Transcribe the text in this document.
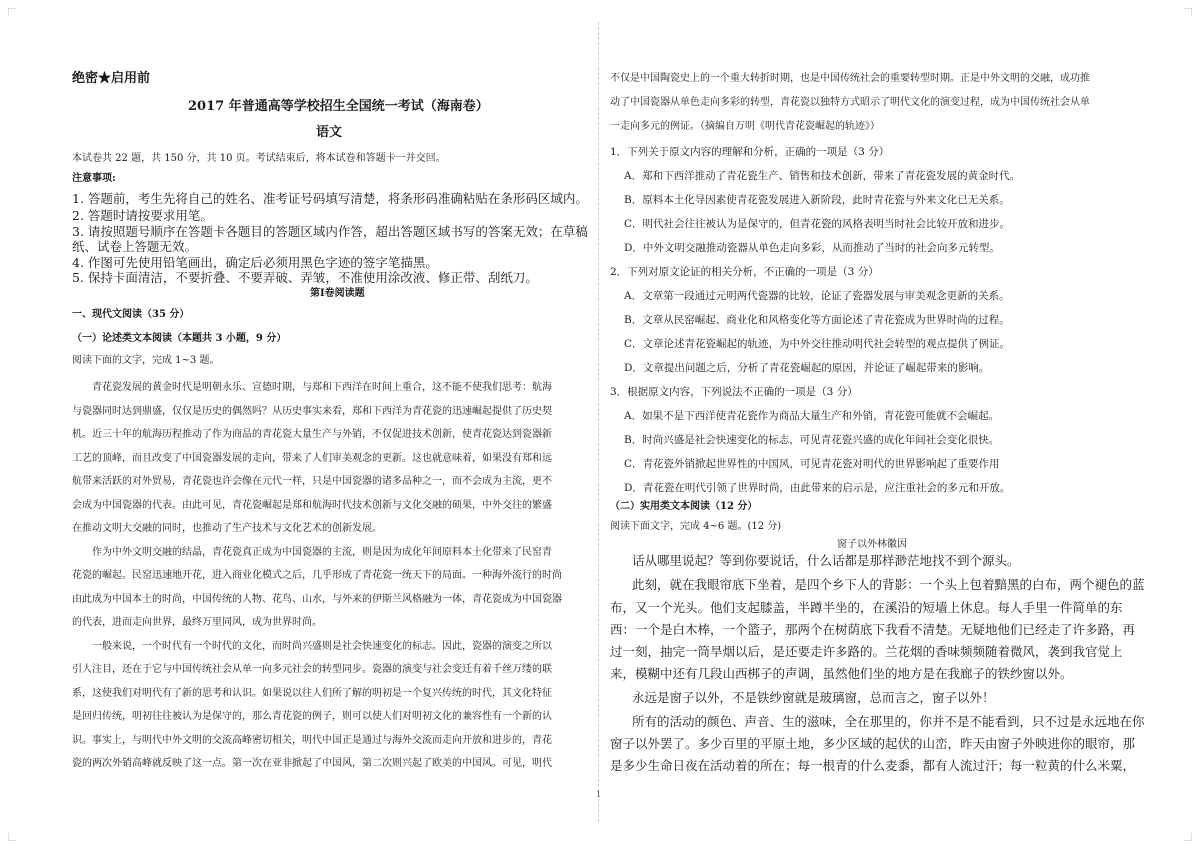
绝密★启用前
2017 年普通高等学校招生全国统一考试（海南卷）
语文
本试卷共 22 题，共 150 分，共 10 页。考试结束后，将本试卷和答题卡一并交回。
注意事项:
1. 答题前，考生先将自己的姓名、准考证号码填写清楚，将条形码准确粘贴在条形码区域内。
2. 答题时请按要求用笔。
3. 请按照题号顺序在答题卡各题目的答题区域内作答，超出答题区域书写的答案无效；在草稿
纸、试卷上答题无效。
4. 作图可先使用铅笔画出，确定后必须用黑色字迹的签字笔描黑。
5. 保持卡面清洁，不要折叠、不要弄破、弄皱，不准使用涂改液、修正带、刮纸刀。
第Ⅰ卷阅读题
一、现代文阅读（35 分）
（一）论述类文本阅读（本题共 3 小题，9 分）
阅读下面的文字，完成 1~3 题。
青花瓷发展的黄金时代是明朝永乐、宣德时期，与郑和下西洋在时间上重合，这不能不使我们思考：航海
与瓷器同时达到鼎盛，仅仅是历史的偶然吗？从历史事实来看，郑和下西洋为青花瓷的迅速崛起提供了历史契
机。近三十年的航海历程推动了作为商品的青花瓷大量生产与外销，不仅促进技术创新，使青花瓷达到瓷器新
工艺的顶峰，而且改变了中国瓷器发展的走向，带来了人们审美观念的更新。这也就意味着，如果没有郑和远
航带来活跃的对外贸易，青花瓷也许会像在元代一样，只是中国瓷器的诸多品种之一，而不会成为主流，更不
会成为中国瓷器的代表。由此可见，青花瓷崛起是郑和航海时代技术创新与文化交融的硕果，中外交往的繁盛
在推动文明大交融的同时，也推动了生产技术与文化艺术的创新发展。
作为中外文明交融的结晶，青花瓷真正成为中国瓷器的主流，则是因为成化年间原料本土化带来了民窑青
花瓷的崛起。民窑迅速地开花，进入商业化模式之后，几乎形成了青花瓷一统天下的局面。一种海外流行的时尚
由此成为中国本土的时尚，中国传统的人物、花鸟、山水，与外来的伊斯兰风格融为一体，青花瓷成为中国瓷器
的代表，进而走向世界，最终万里同风，成为世界时尚。
一般来说，一个时代有一个时代的文化，而时尚兴盛则是社会快速变化的标志。因此，瓷器的演变之所以
引人注目，还在于它与中国传统社会从单一向多元社会的转型同步。瓷器的演变与社会变迁有着千丝万缕的联
系，这使我们对明代有了新的思考和认识。如果说以往人们所了解的明初是一个复兴传统的时代，其文化特征
是回归传统，明初往往被认为是保守的，那么青花瓷的例子，则可以使人们对明初文化的兼容性有一个新的认
识。事实上，与明代中外文明的交流高峰密切相关，明代中国正是通过与海外交流而走向开放和进步的，青花
瓷的两次外销高峰就反映了这一点。第一次在亚非掀起了中国风，第二次则兴起了欧美的中国风。可见，明代
不仅是中国陶瓷史上的一个重大转折时期，也是中国传统社会的重要转型时期。正是中外文明的交融，成功推
动了中国瓷器从单色走向多彩的转型，青花瓷以独特方式昭示了明代文化的演变过程，成为中国传统社会从单
一走向多元的例证。（摘编自万明《明代青花瓷崛起的轨迹》）
1．下列关于原文内容的理解和分析，正确的一项是（3 分）
A．郑和下西洋推动了青花瓷生产、销售和技术创新，带来了青花瓷发展的黄金时代。
B．原料本土化导因素使青花瓷发展进入新阶段，此时青花瓷与外来文化已无关系。
C．明代社会往往被认为是保守的，但青花瓷的风格表明当时社会比较开放和进步。
D．中外文明交融推动瓷器从单色走向多彩，从而推动了当时的社会向多元转型。
2．下列对原文论证的相关分析，不正确的一项是（3 分）
A．文章第一段通过元明两代瓷器的比较，论证了瓷器发展与审美观念更新的关系。
B．文章从民窑崛起、商业化和风格变化等方面论述了青花瓷成为世界时尚的过程。
C．文章论述青花瓷崛起的轨迹，为中外交往推动明代社会转型的观点提供了例证。
D．文章提出问题之后，分析了青花瓷崛起的原因，并论证了崛起带来的影响。
3．根据原文内容，下列说法不正确的一项是（3 分）
A．如果不是下西洋使青花瓷作为商品大量生产和外销，青花瓷可能就不会崛起。
B．时尚兴盛是社会快速变化的标志，可见青花瓷兴盛的成化年间社会变化很快。
C．青花瓷外销掀起世界性的中国风，可见青花瓷对明代的世界影响起了重要作用
D．青花瓷在明代引领了世界时尚，由此带来的启示是，应注重社会的多元和开放。
（二）实用类文本阅读（12 分）
阅读下面文字，完成 4~6 题。(12 分)
窗子以外林徽因
话从哪里说起？等到你要说话，什么话都是那样渺茫地找不到个源头。
此刻，就在我眼帘底下坐着，是四个乡下人的背影：一个头上包着黯黑的白布，两个褪色的蓝
布，又一个光头。他们支起膝盖，半蹲半坐的，在溪沿的短墙上休息。每人手里一件简单的东
西：一个是白木棒，一个篮子，那两个在树荫底下我看不清楚。无疑地他们已经走了许多路，再
过一刻，抽完一筒旱烟以后，是还要走许多路的。兰花烟的香味频频随着微风，袭到我官觉上
来，模糊中还有几段山西梆子的声调，虽然他们坐的地方是在我廊子的铁纱窗以外。
永远是窗子以外，不是铁纱窗就是玻璃窗，总而言之，窗子以外！
所有的活动的颜色、声音、生的滋味，全在那里的，你并不是不能看到，只不过是永远地在你
窗子以外罢了。多少百里的平原土地，多少区域的起伏的山峦，昨天由窗子外映进你的眼帘，那
是多少生命日夜在活动着的所在；每一根青的什么麦黍，都有人流过汗；每一粒黄的什么米粟，
1
